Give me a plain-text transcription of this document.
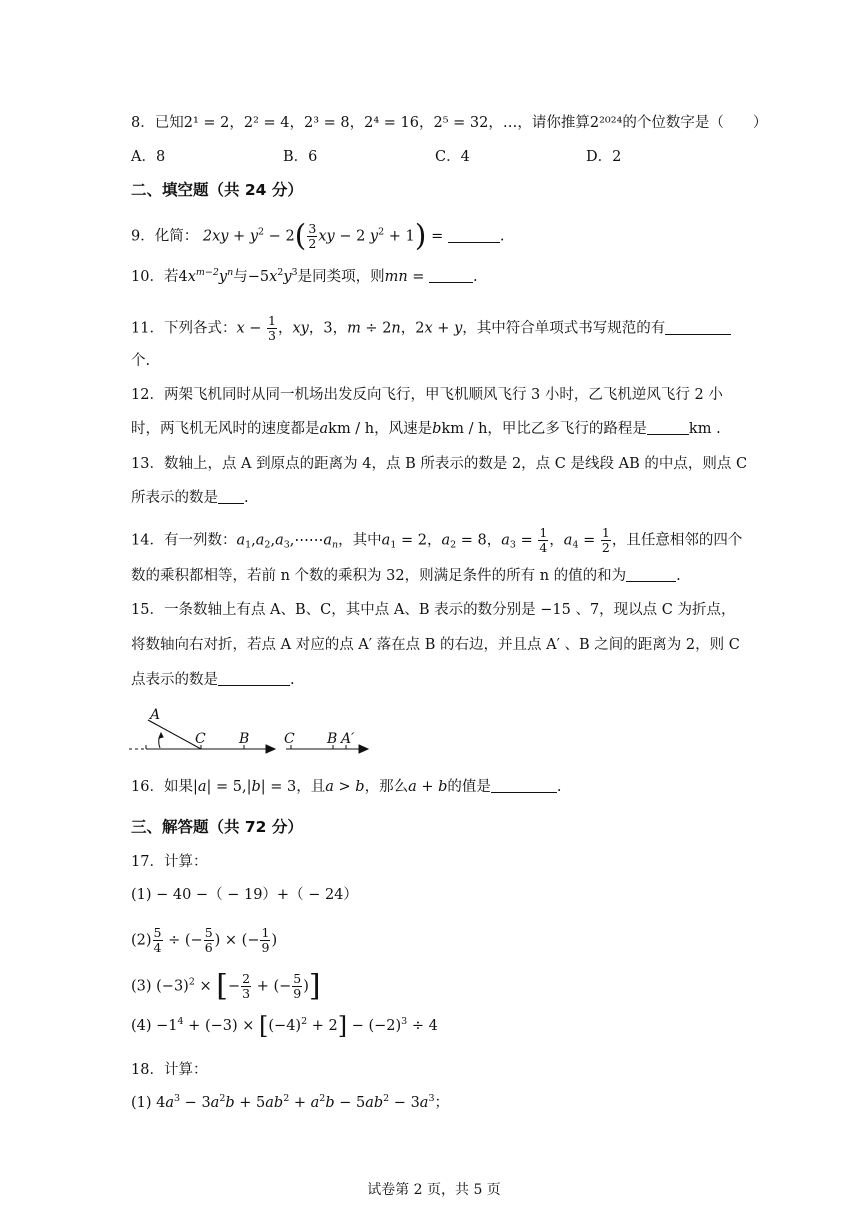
8．已知2¹ = 2，2² = 4，2³ = 8，2⁴ = 16，2⁵ = 32，…，请你推算2²⁰²⁴的个位数字是（　　）
A．8	B．6	C．4	D．2
二、填空题（共 24 分）
9．化简： $2xy + y^2 - 2( \frac{3}{2}$ xy − 2 $y^2 + 1$) =	.
10．若$4x^{m-2}y^n$与$-5x^2y^3$是同类项，则mn =	.
11．下列各式：$x - \frac{1}{3}$ ，xy，3，m ÷ 2n，2x + y，其中符合单项式书写规范的有
个.
12．两架飞机同时从同一机场出发反向飞行，甲飞机顺风飞行 3 小时，乙飞机逆风飞行 2 小
时，两飞机无风时的速度都是akm / h，风速是bkm / h，甲比乙多飞行的路程是	km .
13．数轴上，点 A 到原点的距离为 4，点 B 所表示的数是 2，点 C 是线段 AB 的中点，则点 C
所表示的数是 .
14．有一列数：$a_1,a_2,a_3,\cdots\cdots a_n$，其中$a_1 = 2$，$a_2 = 8$，$a_3 = \frac{1}{4}$ ，$a_4 = \frac{1}{2}$ ，且任意相邻的四个
数的乘积都相等，若前 n 个数的乘积为 32，则满足条件的所有 n 的值的和为	.
15．一条数轴上有点 A、B、C，其中点 A、B 表示的数分别是 −15 、7，现以点 C 为折点，
将数轴向右对折，若点 A 对应的点 A′ 落在点 B 的右边，并且点 A′ 、B 之间的距离为 2，则 C
点表示的数是	.
A
C B C B A′
16．如果|a| = 5,|b| = 3，且a > b，那么a + b的值是	.
三、解答题（共 72 分）
17．计算：
(1) − 40 −（ − 19）+（ − 24）
$(2) \frac{5}{4}$ ÷ (− $\frac{5}{6}$ ) × (− $\frac{1}{9}$ )
(3) $(-3)^2$ × [− $\frac{2}{3}$ + (− $\frac{5}{9}$ )]
$(4) -1^4 + (-3) \times [(-4)^2 + 2] - (-2)^3 \div 4$
18．计算：
(1) $4a^3 - 3a^2b + 5ab^2 + a^2b - 5ab^2 - 3a^3$；
试卷第 2 页，共 5 页
